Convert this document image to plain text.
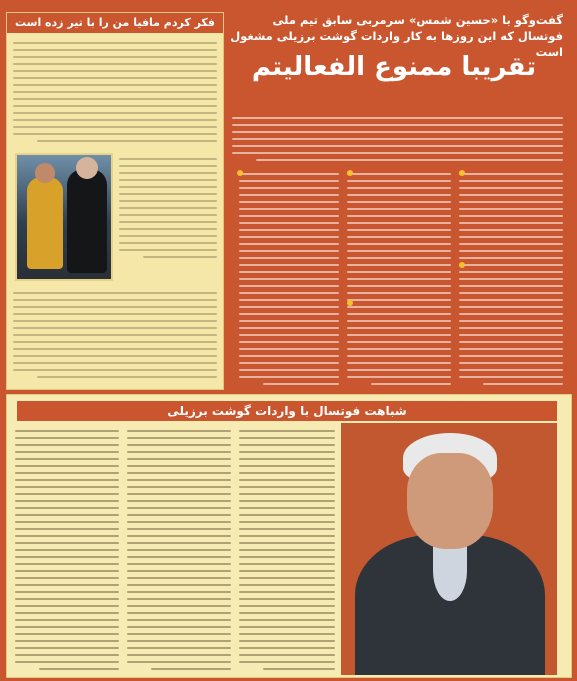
گفت‌وگو با «حسین شمس» سرمربی سابق تیم ملی فوتسال که این روزها به کار واردات گوشت برزیلی مشغول است
تقریبا ممنوع الفعالیتم
فکر کردم مافیا من را با تیر زده است
شباهت فوتسال با واردات گوشت برزیلی
